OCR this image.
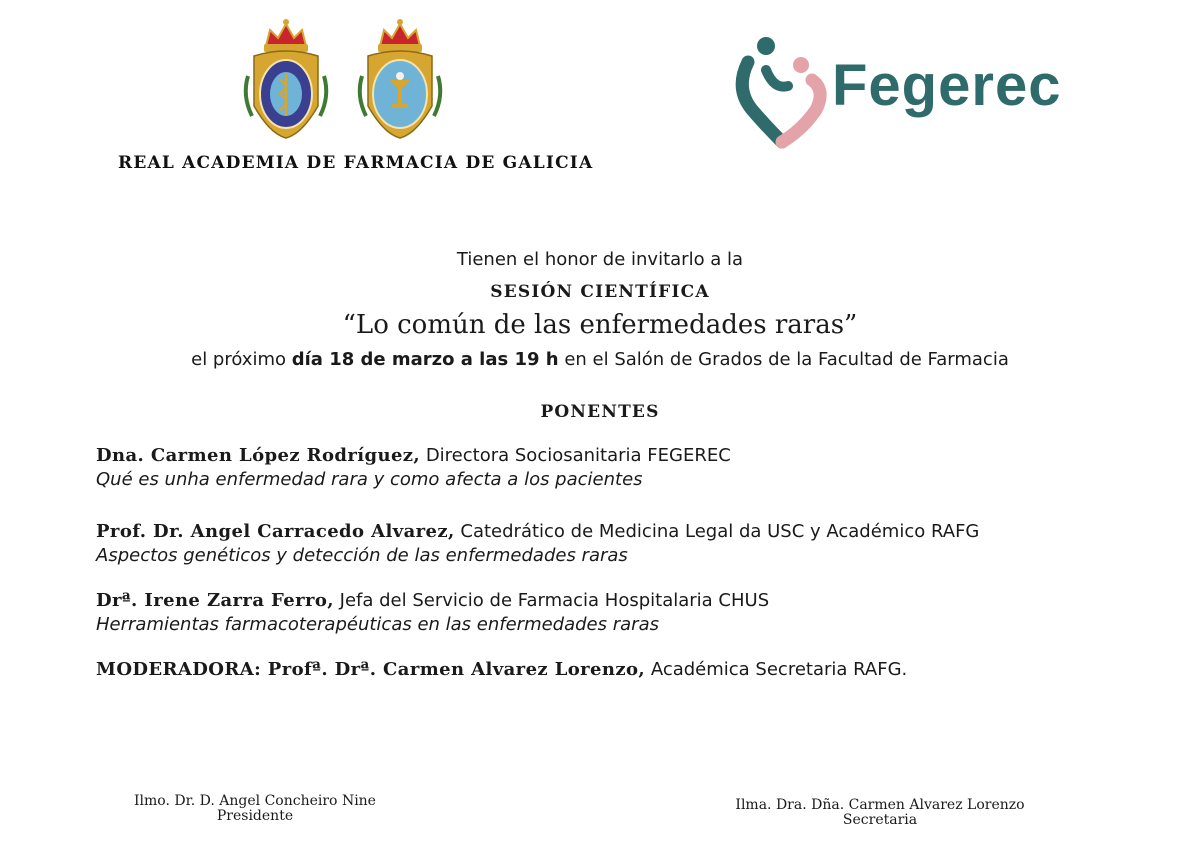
REAL ACADEMIA DE FARMACIA DE GALICIA
Fegerec
Tienen el honor de invitarlo a la
SESIÓN CIENTÍFICA
“Lo común de las enfermedades raras”
el próximo día 18 de marzo a las 19 h en el Salón de Grados de la Facultad de Farmacia
PONENTES
Dna. Carmen López Rodríguez, Directora Sociosanitaria FEGEREC
Qué es unha enfermedad rara y como afecta a los pacientes
Prof. Dr. Angel Carracedo Alvarez, Catedrático de Medicina Legal da USC y Académico RAFG
Aspectos genéticos y detección de las enfermedades raras
Drª. Irene Zarra Ferro, Jefa del Servicio de Farmacia Hospitalaria CHUS
Herramientas farmacoterapéuticas en las enfermedades raras
MODERADORA: Profª. Drª. Carmen Alvarez Lorenzo, Académica Secretaria RAFG.
Ilmo. Dr. D. Angel Concheiro Nine
Presidente
Ilma. Dra. Dña. Carmen Alvarez Lorenzo
Secretaria
